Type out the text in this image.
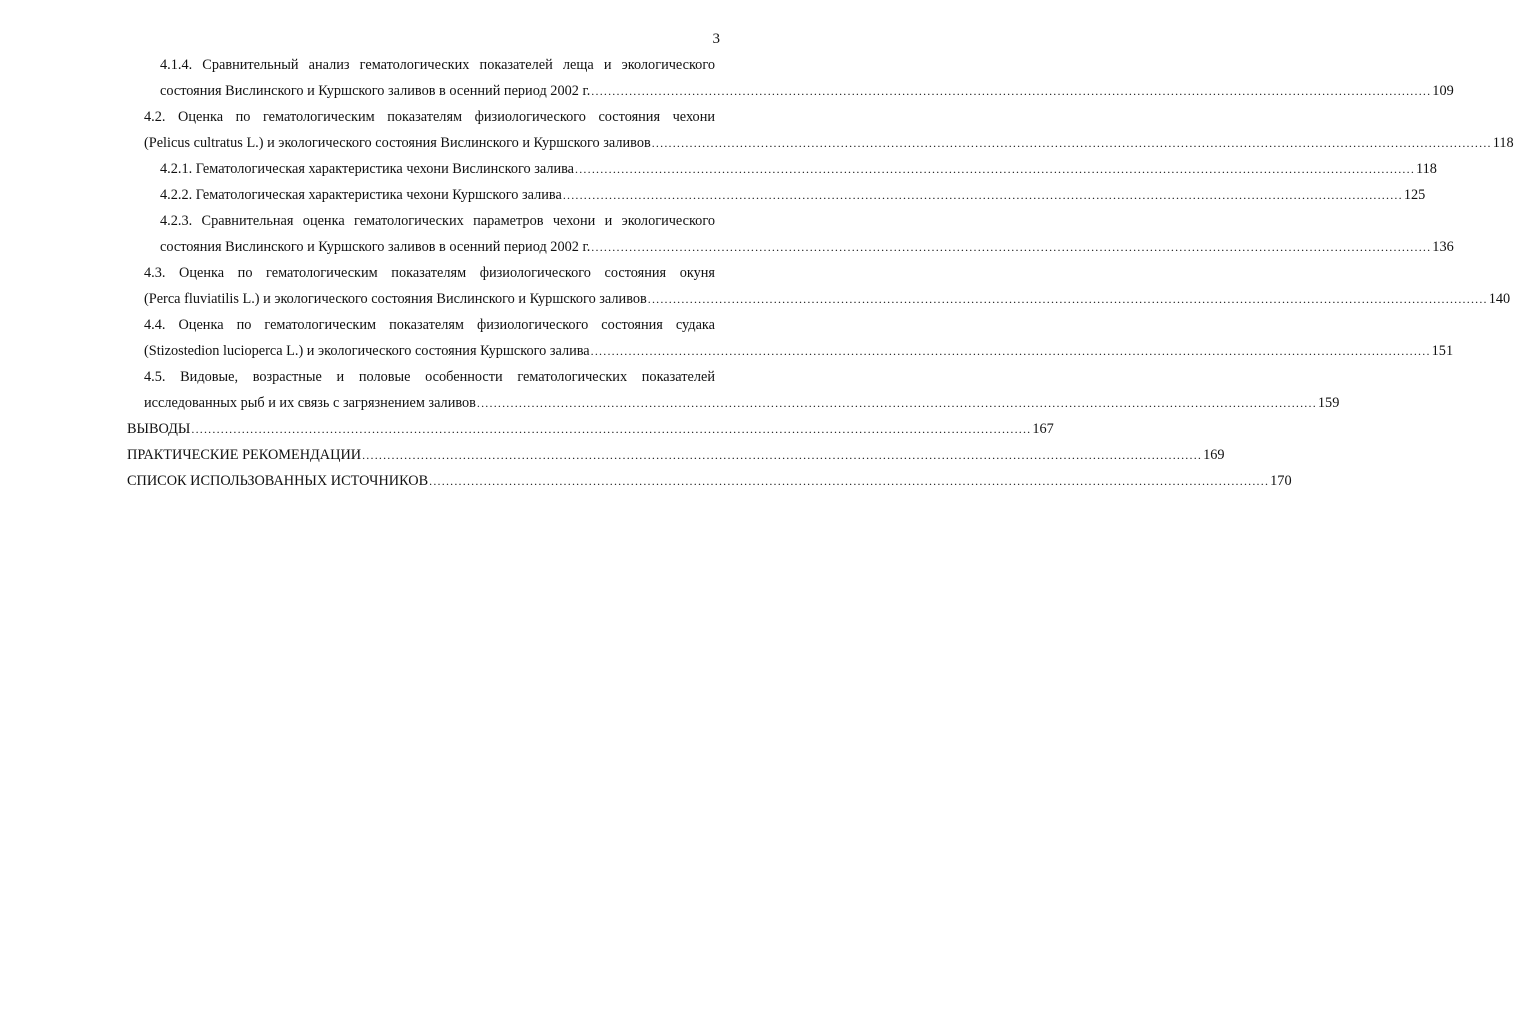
3
4.1.4. Сравнительный анализ гематологических показателей леща и экологического
состояния Вислинского и Куршского заливов в осенний период 2002 г. ........................................................................................................................................................................................................ 109
4.2. Оценка по гематологическим показателям физиологического состояния чехони
(Pelicus cultratus L.) и экологического состояния Вислинского и Куршского заливов ........................................................................................................................................................................................................ 118
4.2.1. Гематологическая характеристика чехони Вислинского залива ........................................................................................................................................................................................................ 118
4.2.2. Гематологическая характеристика чехони Куршского залива ........................................................................................................................................................................................................ 125
4.2.3. Сравнительная оценка гематологических параметров чехони и экологического
состояния Вислинского и Куршского заливов в осенний период 2002 г. ........................................................................................................................................................................................................ 136
4.3. Оценка по гематологическим показателям физиологического состояния окуня
(Perca fluviatilis L.) и экологического состояния Вислинского и Куршского заливов ........................................................................................................................................................................................................ 140
4.4. Оценка по гематологическим показателям физиологического состояния судака
(Stizostedion lucioperca L.) и экологического состояния Куршского залива ........................................................................................................................................................................................................ 151
4.5. Видовые, возрастные и половые особенности гематологических показателей
исследованных рыб и их связь с загрязнением заливов ........................................................................................................................................................................................................ 159
ВЫВОДЫ ........................................................................................................................................................................................................ 167
ПРАКТИЧЕСКИЕ РЕКОМЕНДАЦИИ ........................................................................................................................................................................................................ 169
СПИСОК ИСПОЛЬЗОВАННЫХ ИСТОЧНИКОВ ........................................................................................................................................................................................................ 170
